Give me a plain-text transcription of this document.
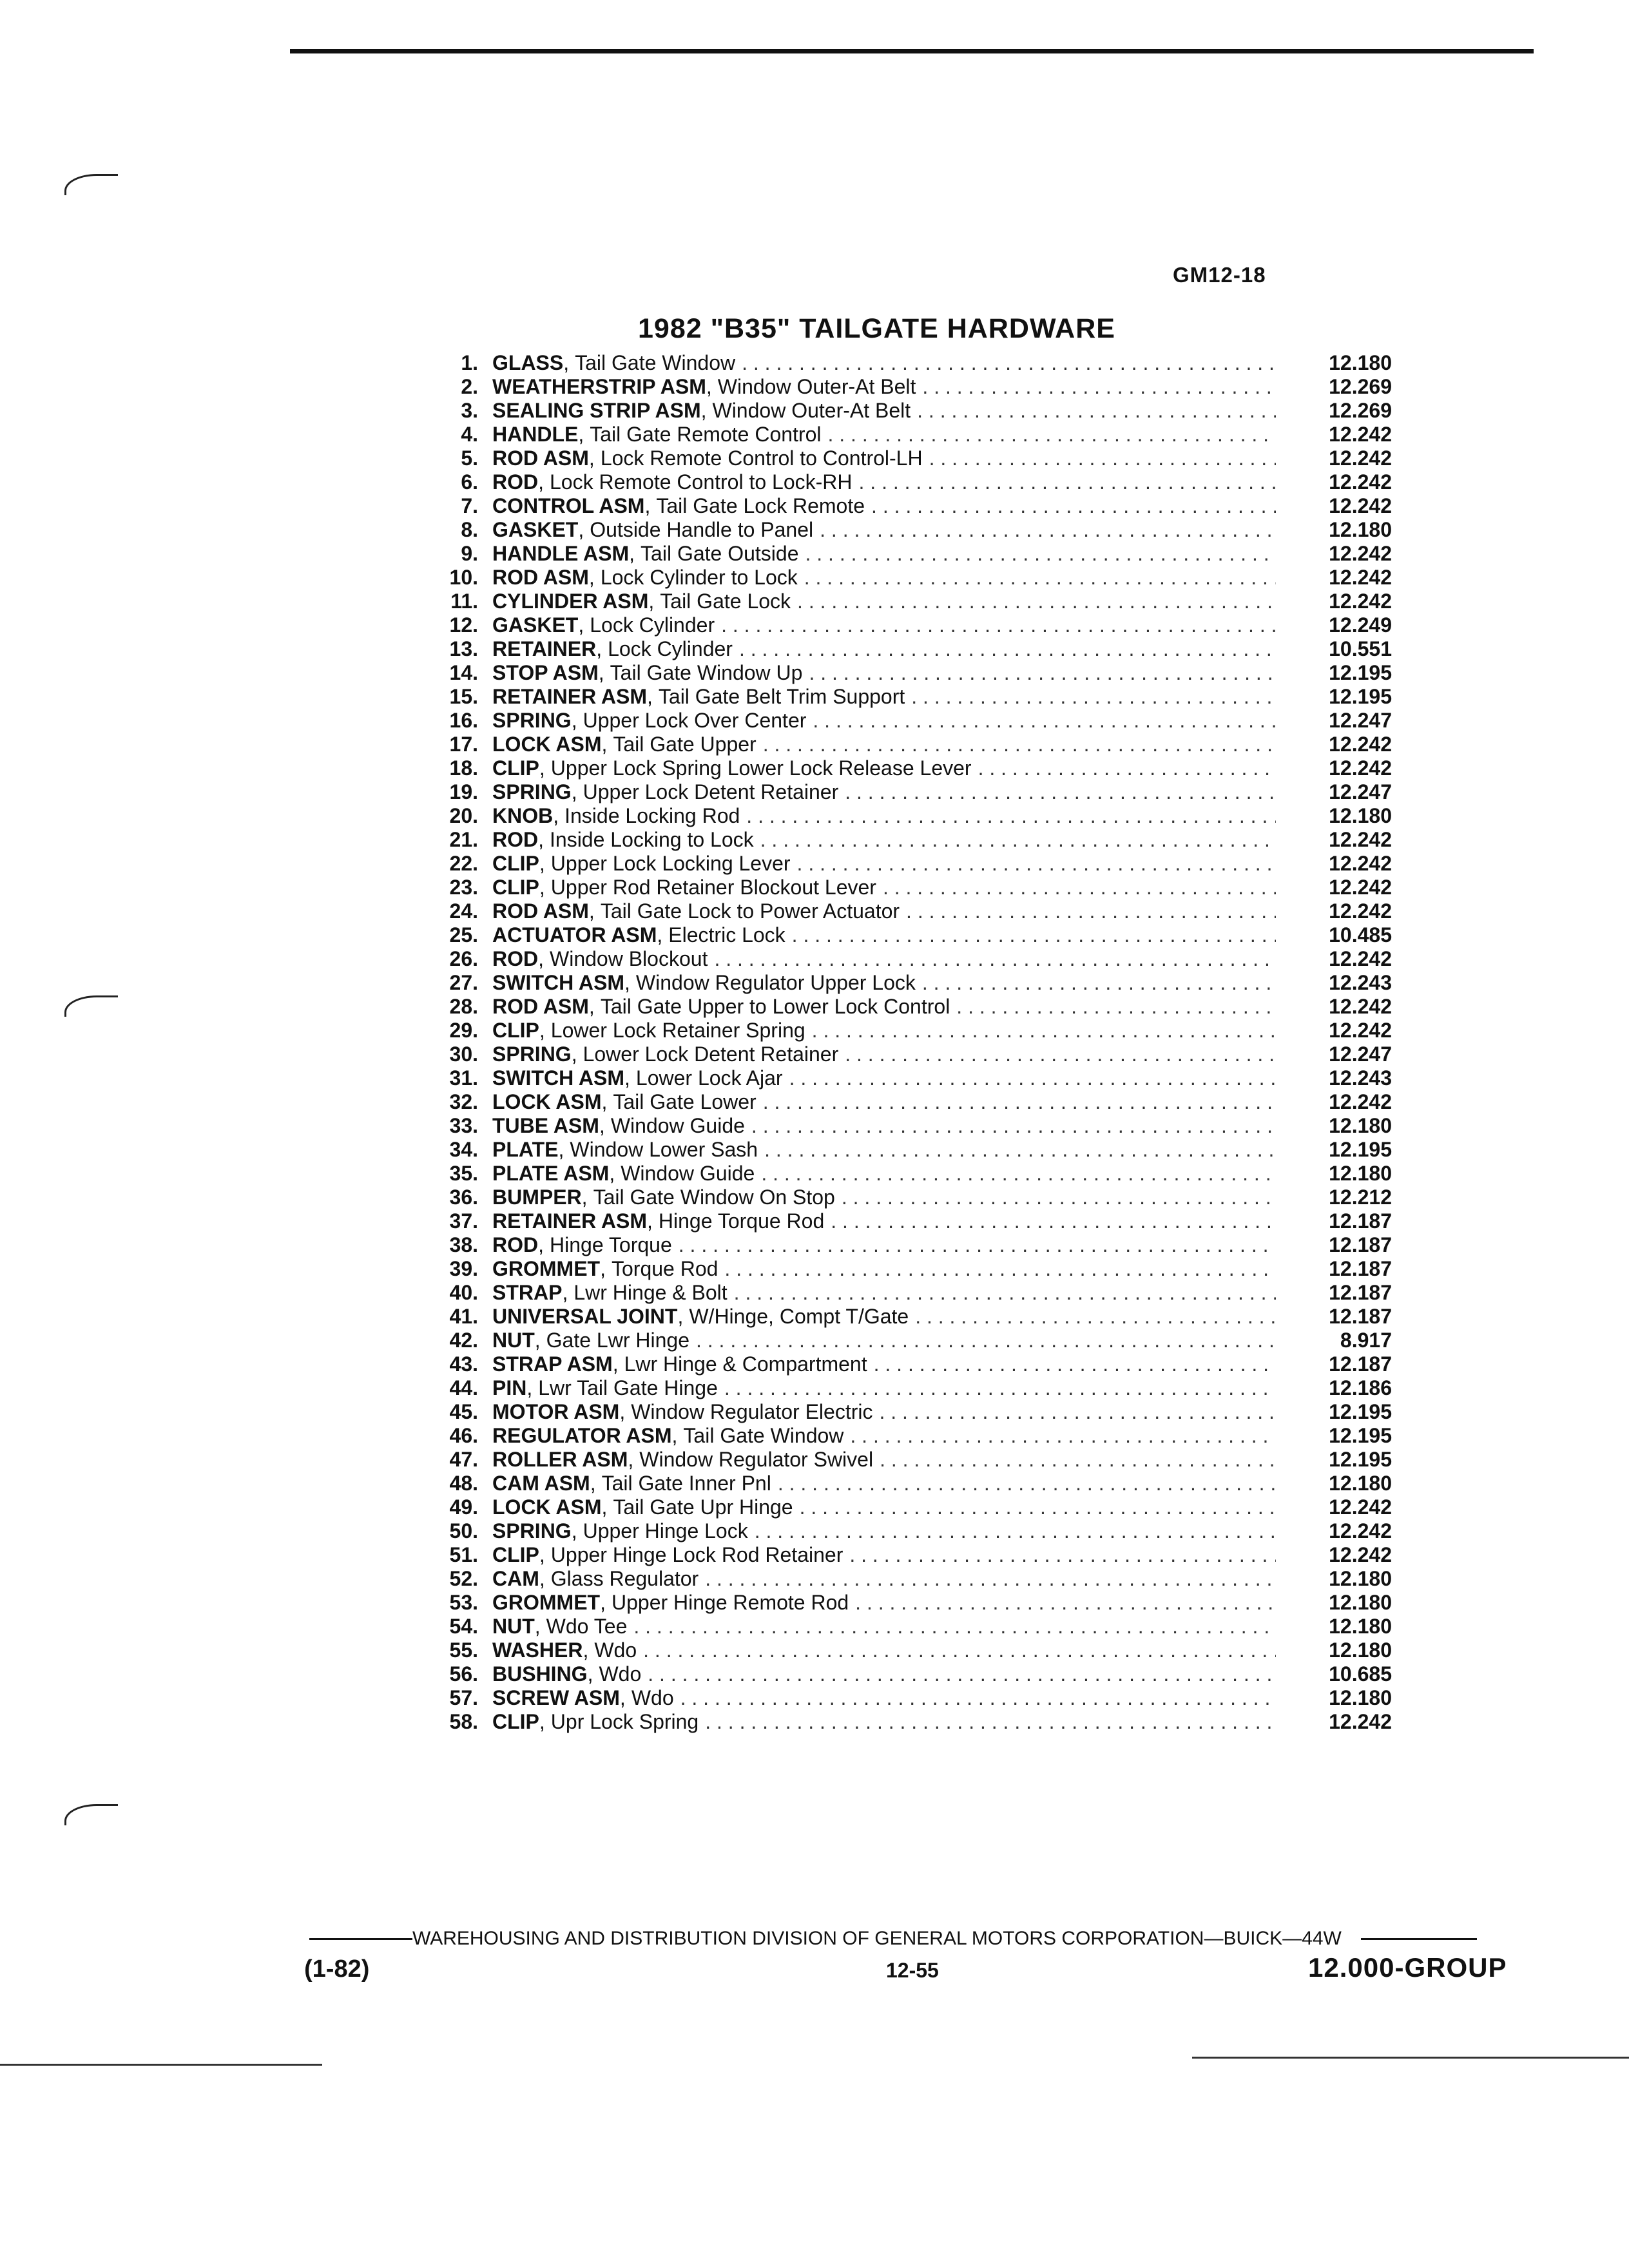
GM12-18
1982 "B35" TAILGATE HARDWARE
1. GLASS , Tail Gate Window . . .	12.180
2. WEATHERSTRIP ASM , Window Outer-At Belt . . .	12.269
3. SEALING STRIP ASM , Window Outer-At Belt . . .	12.269
4. HANDLE , Tail Gate Remote Control . . .	12.242
5. ROD ASM , Lock Remote Control to Control-LH . . .	12.242
6. ROD , Lock Remote Control to Lock-RH . . .	12.242
7. CONTROL ASM , Tail Gate Lock Remote . . .	12.242
8. GASKET , Outside Handle to Panel . . .	12.180
9. HANDLE ASM , Tail Gate Outside . . .	12.242
10. ROD ASM , Lock Cylinder to Lock . . .	12.242
11. CYLINDER ASM , Tail Gate Lock . . .	12.242
12. GASKET , Lock Cylinder . . .	12.249
13. RETAINER , Lock Cylinder . . .	10.551
14. STOP ASM , Tail Gate Window Up . . .	12.195
15. RETAINER ASM , Tail Gate Belt Trim Support . . .	12.195
16. SPRING , Upper Lock Over Center . . .	12.247
17. LOCK ASM , Tail Gate Upper . . .	12.242
18. CLIP , Upper Lock Spring Lower Lock Release Lever . . .	12.242
19. SPRING , Upper Lock Detent Retainer . . .	12.247
20. KNOB , Inside Locking Rod . . .	12.180
21. ROD , Inside Locking to Lock . . .	12.242
22. CLIP , Upper Lock Locking Lever . . .	12.242
23. CLIP , Upper Rod Retainer Blockout Lever . . .	12.242
24. ROD ASM , Tail Gate Lock to Power Actuator . . .	12.242
25. ACTUATOR ASM , Electric Lock . . .	10.485
26. ROD , Window Blockout . . .	12.242
27. SWITCH ASM , Window Regulator Upper Lock . . .	12.243
28. ROD ASM , Tail Gate Upper to Lower Lock Control . . .	12.242
29. CLIP , Lower Lock Retainer Spring . . .	12.242
30. SPRING , Lower Lock Detent Retainer . . .	12.247
31. SWITCH ASM , Lower Lock Ajar . . .	12.243
32. LOCK ASM , Tail Gate Lower . . .	12.242
33. TUBE ASM , Window Guide . . .	12.180
34. PLATE , Window Lower Sash . . .	12.195
35. PLATE ASM , Window Guide . . .	12.180
36. BUMPER , Tail Gate Window On Stop . . .	12.212
37. RETAINER ASM , Hinge Torque Rod . . .	12.187
38. ROD , Hinge Torque . . .	12.187
39. GROMMET , Torque Rod . . .	12.187
40. STRAP , Lwr Hinge & Bolt . . .	12.187
41. UNIVERSAL JOINT , W/Hinge, Compt T/Gate . . .	12.187
42. NUT , Gate Lwr Hinge . . .	8.917
43. STRAP ASM , Lwr Hinge & Compartment . . .	12.187
44. PIN , Lwr Tail Gate Hinge . . .	12.186
45. MOTOR ASM , Window Regulator Electric . . .	12.195
46. REGULATOR ASM , Tail Gate Window . . .	12.195
47. ROLLER ASM , Window Regulator Swivel . . .	12.195
48. CAM ASM , Tail Gate Inner Pnl . . .	12.180
49. LOCK ASM , Tail Gate Upr Hinge . . .	12.242
50. SPRING , Upper Hinge Lock . . .	12.242
51. CLIP , Upper Hinge Lock Rod Retainer . . .	12.242
52. CAM , Glass Regulator . . .	12.180
53. GROMMET , Upper Hinge Remote Rod . . .	12.180
54. NUT , Wdo Tee . . .	12.180
55. WASHER , Wdo . . .	12.180
56. BUSHING , Wdo . . .	10.685
57. SCREW ASM , Wdo . . .	12.180
58. CLIP , Upr Lock Spring . . .	12.242
WAREHOUSING AND DISTRIBUTION DIVISION OF GENERAL MOTORS CORPORATION—BUICK—44W
(1-82)	12-55	12.000-GROUP
